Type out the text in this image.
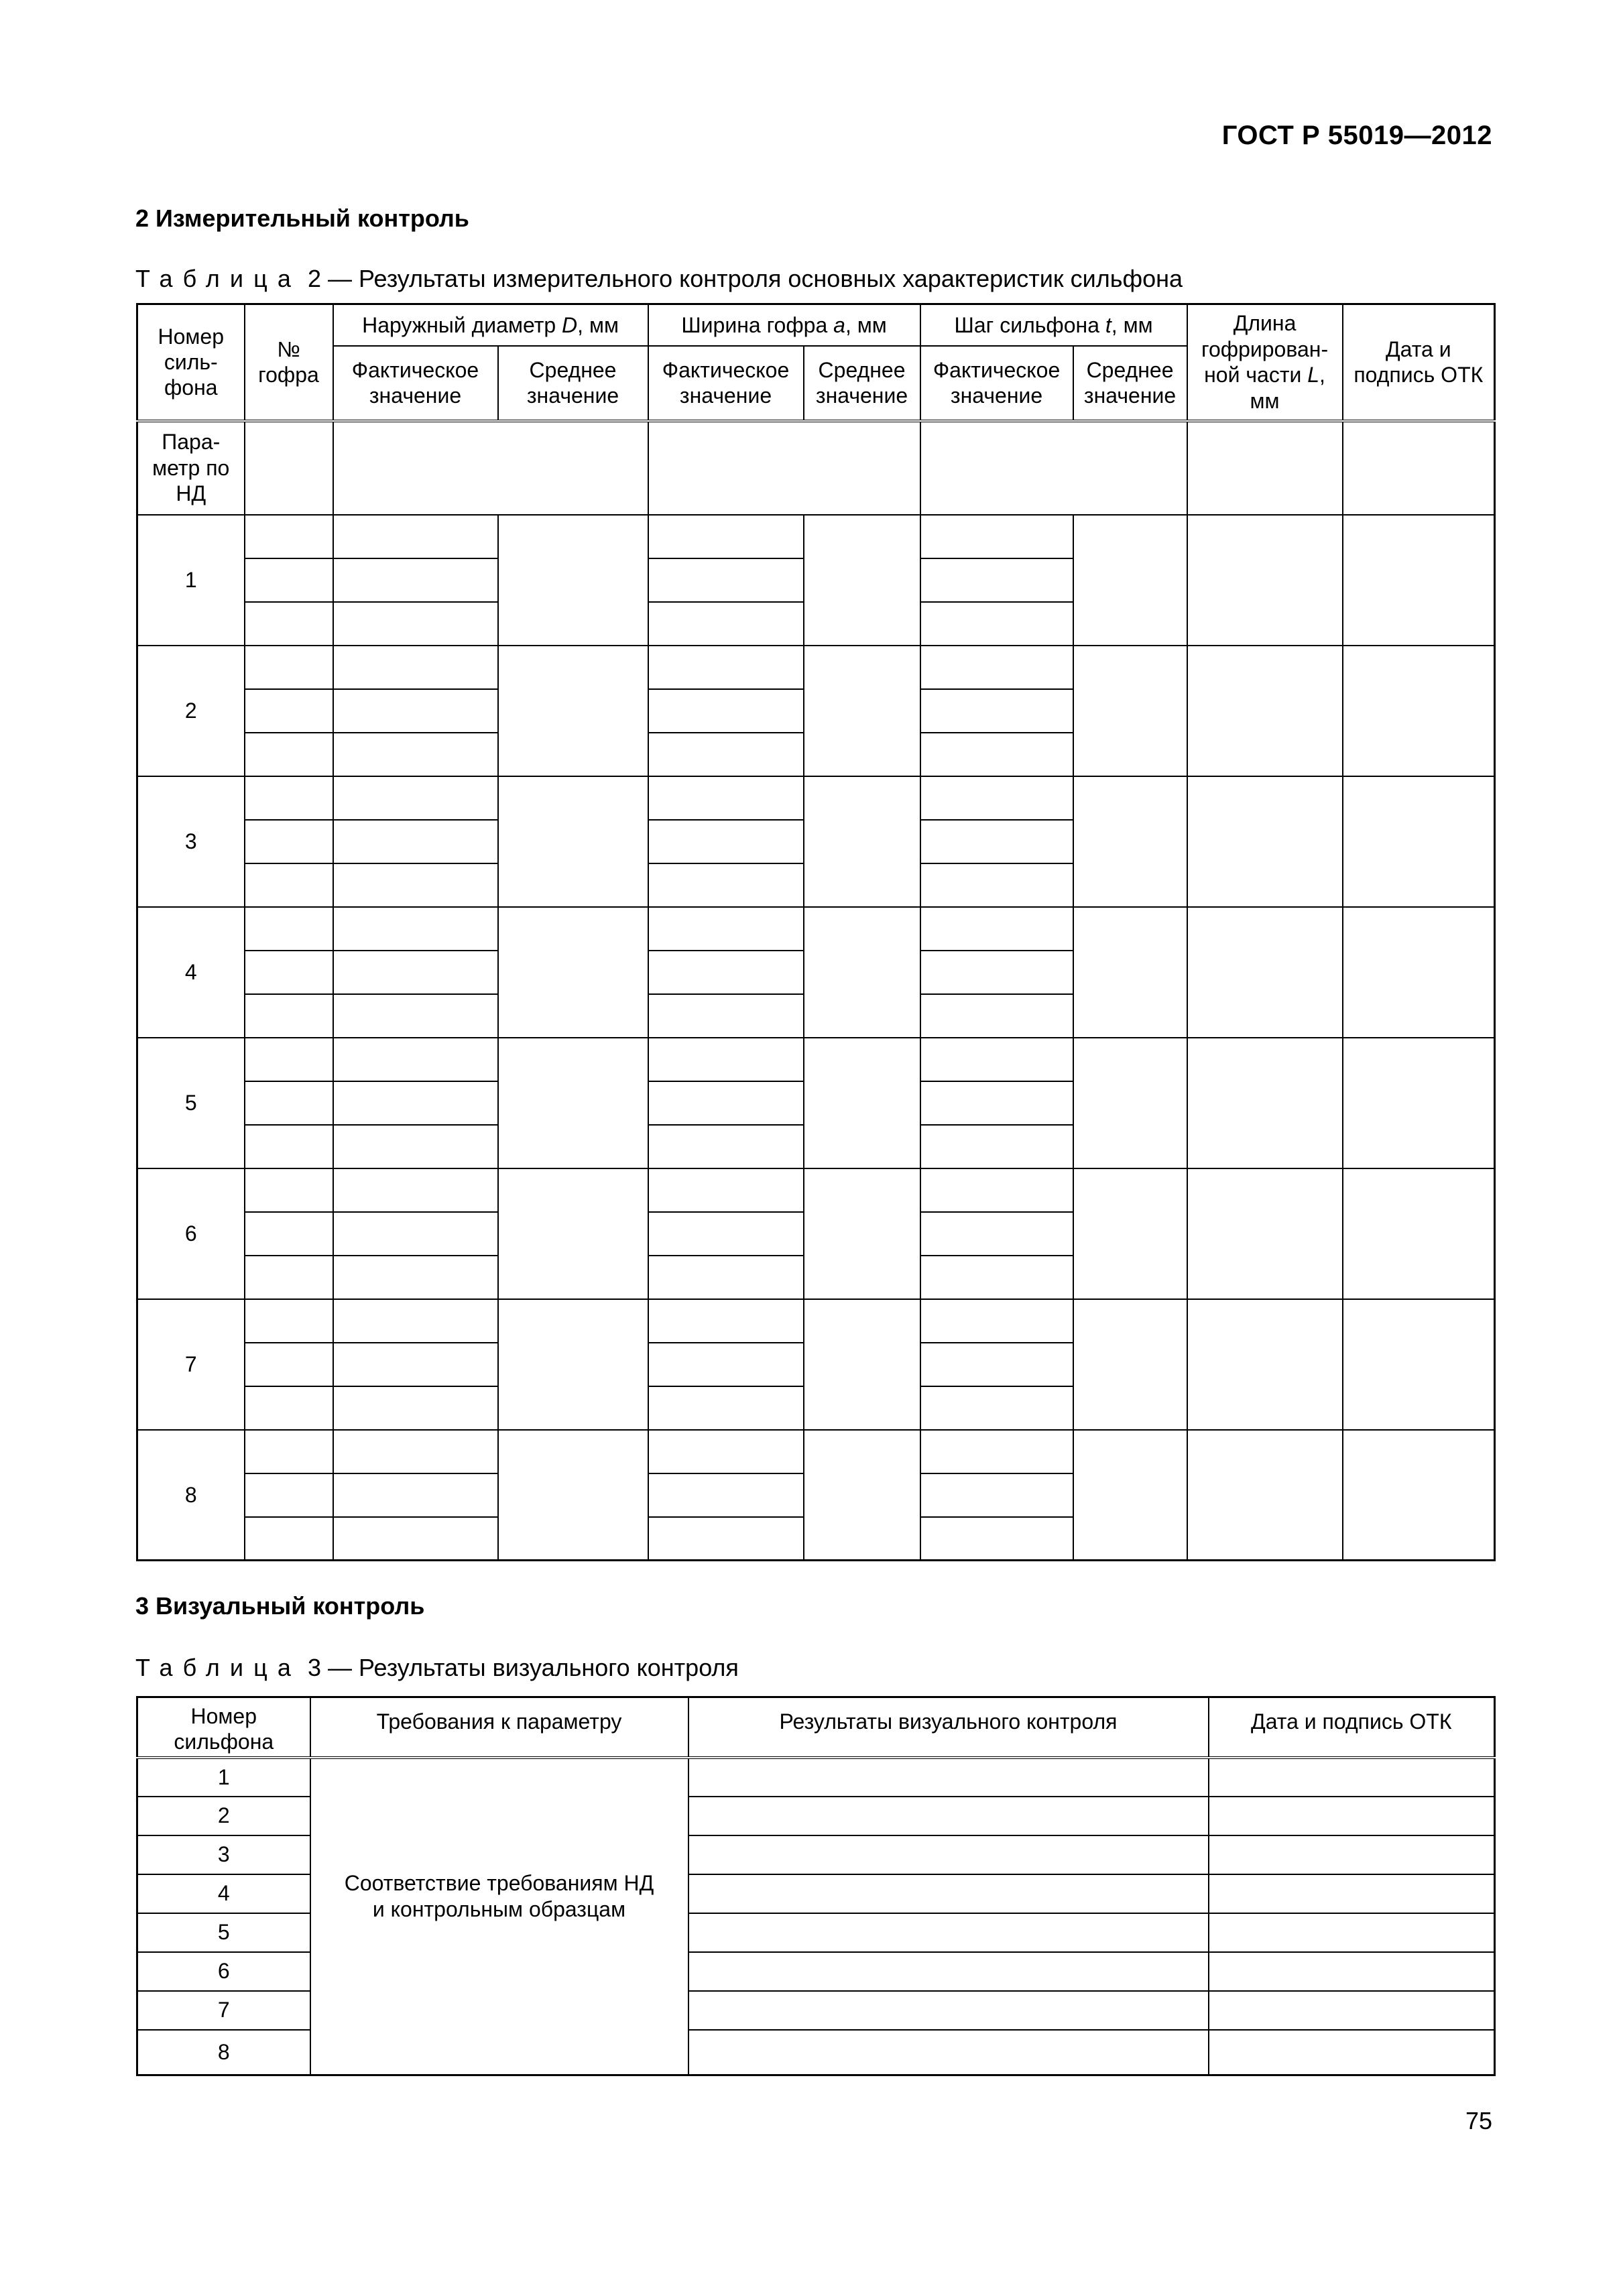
ГОСТ Р 55019—2012
2 Измерительный контроль
Таблица 2 — Результаты измерительного контроля основных характеристик сильфона
Номер силь-фона	№ гофра	Наружный диаметр D, мм		Ширина гофра a, мм		Шаг сильфона t, мм		Длина гофрирован-ной части L, мм	Дата и подпись ОТК
		Фактическое значение	Среднее значение	Фактическое значение	Среднее значение	Фактическое значение	Среднее значение		
Пара-метр по НД									
1									

2									

3									

4									

5									

6									

7									

8									

3 Визуальный контроль
Таблица 3 — Результаты визуального контроля
Номер сильфона	Требования к параметру	Результаты визуального контроля	Дата и подпись ОТК
1	Соответствие требованиям НД и контрольным образцам		
2			
3			
4			
5			
6			
7			
8			
75
